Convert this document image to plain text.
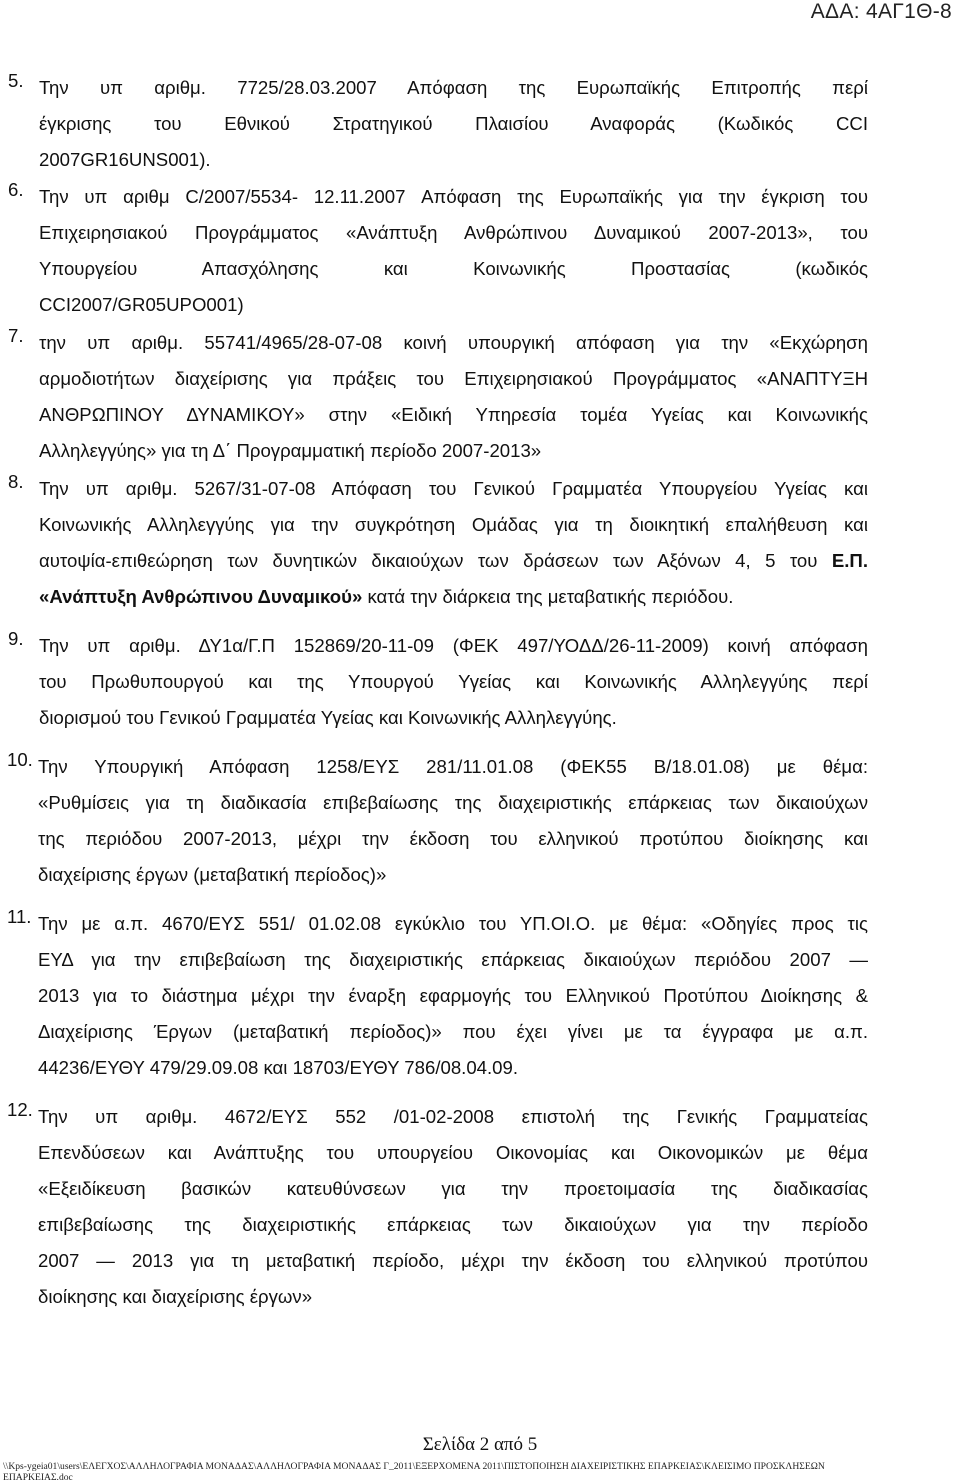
ΑΔΑ: 4ΑΓ1Θ-8
5. Την υπ αριθμ. 7725/28.03.2007 Απόφαση της Ευρωπαϊκής Επιτροπής περί
έγκρισης του Εθνικού Στρατηγικού Πλαισίου Αναφοράς (Κωδικός CCI
2007GR16UNS001).
6. Την υπ αριθμ C/2007/5534- 12.11.2007 Απόφαση της Ευρωπαϊκής για την έγκριση του
Επιχειρησιακού Προγράμματος «Ανάπτυξη Ανθρώπινου Δυναμικού 2007-2013», του
Υπουργείου Απασχόλησης και Κοινωνικής Προστασίας (κωδικός
CCI2007/GR05UPO001)
7. την υπ αριθμ. 55741/4965/28-07-08 κοινή υπουργική απόφαση για την «Εκχώρηση
αρμοδιοτήτων διαχείρισης για πράξεις του Επιχειρησιακού Προγράμματος «ΑΝΑΠΤΥΞΗ
ΑΝΘΡΩΠΙΝΟΥ ΔΥΝΑΜΙΚΟΥ» στην «Ειδική Υπηρεσία τομέα Υγείας και Κοινωνικής
Αλληλεγγύης» για τη Δ΄ Προγραμματική περίοδο 2007-2013»
8. Την υπ αριθμ. 5267/31-07-08 Απόφαση του Γενικού Γραμματέα Υπουργείου Υγείας και
Κοινωνικής Αλληλεγγύης για την συγκρότηση Ομάδας για τη διοικητική επαλήθευση και
αυτοψία-επιθεώρηση των δυνητικών δικαιούχων των δράσεων των Αξόνων 4, 5 του Ε.Π.
«Ανάπτυξη Ανθρώπινου Δυναμικού» κατά την διάρκεια της μεταβατικής περιόδου.
9. Την υπ αριθμ. ΔΥ1α/Γ.Π 152869/20-11-09 (ΦΕΚ 497/ΥΟΔΔ/26-11-2009) κοινή απόφαση
του Πρωθυπουργού και της Υπουργού Υγείας και Κοινωνικής Αλληλεγγύης περί
διορισμού του Γενικού Γραμματέα Υγείας και Κοινωνικής Αλληλεγγύης.
10. Την Υπουργική Απόφαση 1258/ΕΥΣ 281/11.01.08 (ΦΕΚ55 Β/18.01.08) με θέμα:
«Ρυθμίσεις για τη διαδικασία επιβεβαίωσης της διαχειριστικής επάρκειας των δικαιούχων
της περιόδου 2007-2013, μέχρι την έκδοση του ελληνικού προτύπου διοίκησης και
διαχείρισης έργων (μεταβατική περίοδος)»
11. Την με α.π. 4670/ΕΥΣ 551/ 01.02.08 εγκύκλιο του ΥΠ.ΟΙ.Ο. με θέμα: «Οδηγίες προς τις
ΕΥΔ για την επιβεβαίωση της διαχειριστικής επάρκειας δικαιούχων περιόδου 2007 —
2013 για το διάστημα μέχρι την έναρξη εφαρμογής του Ελληνικού Προτύπου Διοίκησης &
Διαχείρισης Έργων (μεταβατική περίοδος)» που έχει γίνει με τα έγγραφα με α.π.
44236/ΕΥΘΥ 479/29.09.08 και 18703/ΕΥΘΥ 786/08.04.09.
12. Την υπ αριθμ. 4672/ΕΥΣ 552 /01-02-2008 επιστολή της Γενικής Γραμματείας
Επενδύσεων και Ανάπτυξης του υπουργείου Οικονομίας και Οικονομικών με θέμα
«Εξειδίκευση βασικών κατευθύνσεων για την προετοιμασία της διαδικασίας
επιβεβαίωσης της διαχειριστικής επάρκειας των δικαιούχων για την περίοδο
2007 — 2013 για τη μεταβατική περίοδο, μέχρι την έκδοση του ελληνικού προτύπου
διοίκησης και διαχείρισης έργων»
Σελίδα 2 από 5
\\Kps-ygeia01\users\ΕΛΕΓΧΟΣ\ΑΛΛΗΛΟΓΡΑΦΙΑ ΜΟΝΑΔΑΣ\ΑΛΛΗΛΟΓΡΑΦΙΑ ΜΟΝΑΔΑΣ Γ_2011\ΕΞΕΡΧΟΜΕΝΑ 2011\ΠΙΣΤΟΠΟΙΗΣΗ ΔΙΑΧΕΙΡΙΣΤΙΚΗΣ ΕΠΑΡΚΕΙΑΣ\ΚΛΕΙΣΙΜΟ ΠΡΟΣΚΛΗΣΕΩΝ
ΕΠΑΡΚΕΙΑΣ.doc
